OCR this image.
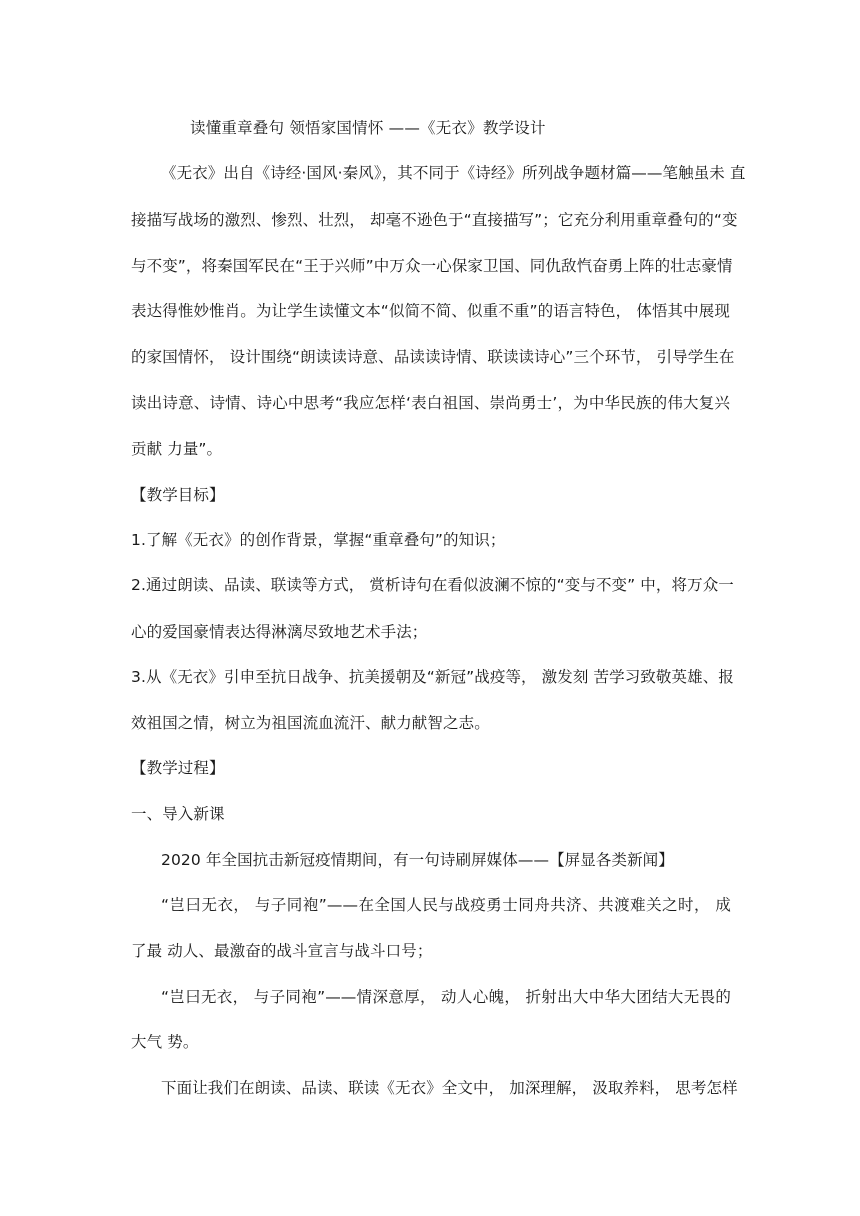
读懂重章叠句 领悟家国情怀 ——《无衣》教学设计
《无衣》出自《诗经·国风·秦风》，其不同于《诗经》所列战争题材篇——笔触虽未 直
接描写战场的激烈、惨烈、壮烈， 却毫不逊色于“直接描写”；它充分利用重章叠句的“变
与不变”，将秦国军民在“王于兴师”中万众一心保家卫国、同仇敌忾奋勇上阵的壮志豪情
表达得惟妙惟肖。为让学生读懂文本“似简不简、似重不重”的语言特色， 体悟其中展现
的家国情怀， 设计围绕“朗读读诗意、品读读诗情、联读读诗心”三个环节， 引导学生在
读出诗意、诗情、诗心中思考“我应怎样‘表白祖国、崇尚勇士’，为中华民族的伟大复兴
贡献 力量”。
【教学目标】
1.了解《无衣》的创作背景，掌握“重章叠句”的知识；
2.通过朗读、品读、联读等方式， 赏析诗句在看似波澜不惊的“变与不变” 中，将万众一
心的爱国豪情表达得淋漓尽致地艺术手法；
3.从《无衣》引申至抗日战争、抗美援朝及“新冠”战疫等， 激发刻 苦学习致敬英雄、报
效祖国之情，树立为祖国流血流汗、献力献智之志。
【教学过程】
一、导入新课
2020 年全国抗击新冠疫情期间，有一句诗刷屏媒体——【屏显各类新闻】
“岂曰无衣， 与子同袍”——在全国人民与战疫勇士同舟共济、共渡难关之时， 成
了最 动人、最激奋的战斗宣言与战斗口号；
“岂曰无衣， 与子同袍”——情深意厚， 动人心魄， 折射出大中华大团结大无畏的
大气 势。
下面让我们在朗读、品读、联读《无衣》全文中， 加深理解， 汲取养料， 思考怎样
